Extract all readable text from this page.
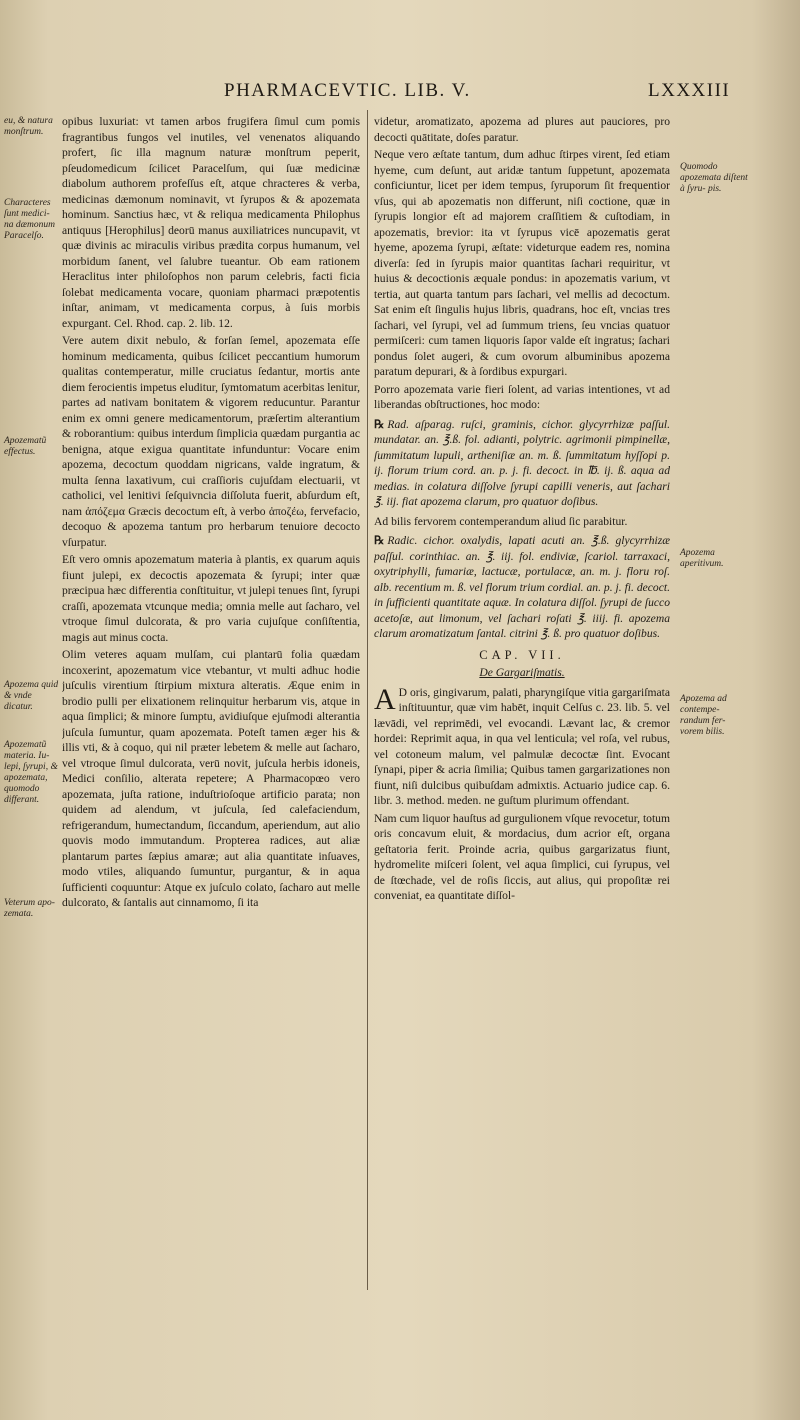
PHARMACEVTIC. LIB. V.	LXXXIII
eu, & natura monſtrum.
Characteres ſunt medici- na dæmonum Paracelſo.
Apozematũ effectus.
Apozema quid & vnde dicatur.
Apozematũ materia. Iu- lepi, ſyrupi, & apozemata, quomodo differant.
Veterum apo- zemata.
Quomodo apozemata diſtent à ſyru- pis.
Apozema aperitivum.
Apozema ad contempe- randum fer- vorem bilis.

opibus luxuriat: vt tamen arbos frugifera ſimul cum pomis fragrantibus fungos vel inutiles, vel venenatos aliquando profert, ſic illa magnum naturæ monſtrum peperit, pſeudomedicum ſcilicet Paracelſum, qui ſuæ medicinæ diabolum authorem profeſſus eſt, atque chracteres & verba, medicinas dæmonum nominavit, vt ſyrupos & & apozemata hominum. Sanctius hæc, vt & reliqua medicamenta Philophus antiquus [Herophilus] deorū manus auxiliatrices nuncupavit, vt quæ divinis ac miraculis viribus prædita corpus humanum, vel morbidum ſanent, vel ſalubre tueantur. Ob eam rationem Heraclitus inter philoſophos non parum celebris, facti ficia ſolebat medicamenta vocare, quoniam pharmaci præpotentis inſtar, animam, vt medicamenta corpus, à ſuis morbis expurgant. Cel. Rhod. cap. 2. lib. 12.

Vere autem dixit nebulo, & forſan ſemel, apozemata eſſe hominum medicamenta, quibus ſcilicet peccantium humorum qualitas contemperatur, mille cruciatus ſedantur, mortis ante diem ferocientis impetus eluditur, ſymtomatum acerbitas lenitur, partes ad nativam bonitatem & vigorem reducuntur. Parantur enim ex omni genere medicamentorum, præſertim alterantium & roborantium: quibus interdum ſimplicia quædam purgantia ac benigna, atque exigua quantitate infunduntur: Vocare enim apozema, decoctum quoddam nigricans, valde ingratum, & multa ſenna laxativum, cui craſſioris cujuſdam electuarii, vt catholici, vel lenitivi ſeſquivncia diſſoluta fuerit, abſurdum eſt, nam ἀπόζεμα Græcis decoctum eſt, à verbo ἀποζέω, fervefacio, decoquo & apozema tantum pro herbarum tenuiore decocto vſurpatur.

Eſt vero omnis apozematum materia à plantis, ex quarum aquis fiunt julepi, ex decoctis apozemata & ſyrupi; inter quæ præcipua hæc differentia conſtituitur, vt julepi tenues ſint, ſyrupi craſſi, apozemata vtcunque media; omnia melle aut ſacharo, vel vtroque ſimul dulcorata, & pro varia cujuſque conſiſtentia, magis aut minus cocta.

Olim veteres aquam mulſam, cui plantarū folia quædam incoxerint, apozematum vice vtebantur, vt multi adhuc hodie juſculis virentium ſtirpium mixtura alteratis. Æque enim in brodio pulli per elixationem relinquitur herbarum vis, atque in aqua ſimplici; & minore ſumptu, avidiuſque ejuſmodi alterantia juſcula ſumuntur, quam apozemata. Poteſt tamen æger his & illis vti, & à coquo, qui nil præter lebetem & melle aut ſacharo, vel vtroque ſimul dulcorata, verū novit, juſcula herbis idoneis, Medici conſilio, alterata repetere; A Pharmacopœo vero apozemata, juſta ratione, induſtrioſoque artificio parata; non quidem ad alendum, vt juſcula, ſed calefaciendum, refrigerandum, humectandum, ſiccandum, aperiendum, aut alio quovis modo immutandum. Propterea radices, aut aliæ plantarum partes ſæpius amaræ; aut alia quantitate inſuaves, modo vtiles, aliquando ſumuntur, purgantur, & in aqua ſufficienti coquuntur: Atque ex juſculo colato, ſacharo aut melle dulcorato, & ſantalis aut cinnamomo, ſi ita

videtur, aromatizato, apozema ad plures aut pauciores, pro decocti quātitate, doſes paratur.

Neque vero æſtate tantum, dum adhuc ſtirpes virent, ſed etiam hyeme, cum deſunt, aut aridæ tantum ſuppetunt, apozemata conficiuntur, licet per idem tempus, ſyruporum ſit frequentior vſus, qui ab apozematis non differunt, niſi coctione, quæ in ſyrupis longior eſt ad majorem craſſitiem & cuſtodiam, in apozematis, brevior: ita vt ſyrupus vicē apozematis gerat hyeme, apozema ſyrupi, æſtate: videturque eadem res, nomina diverſa: ſed in ſyrupis maior quantitas ſachari requiritur, vt huius & decoctionis æquale pondus: in apozematis varium, vt tertia, aut quarta tantum pars ſachari, vel mellis ad decoctum. Sat enim eſt ſingulis hujus libris, quadrans, hoc eſt, vncias tres ſachari, vel ſyrupi, vel ad ſummum triens, ſeu vncias quatuor permiſceri: cum tamen liquoris ſapor valde eſt ingratus; ſachari pondus ſolet augeri, & cum ovorum albuminibus apozema paratum depurari, & à ſordibus expurgari.

Porro apozemata varie fieri ſolent, ad varias intentiones, vt ad liberandas obſtructiones, hoc modo:

℞ Rad. aſparag. ruſci, graminis, cichor. glycyrrhizæ paſſul. mundatar. an. ℥.ß. fol. adianti, polytric. agrimonii pimpinellæ, ſummitatum lupuli, artheniſiæ an. m. ß. ſummitatum hyſſopi p. ij. florum trium cord. an. p. j. fi. decoct. in ℔. ij. ß. aqua ad medias. in colatura diſſolve ſyrupi capilli veneris, aut ſachari ℥. iij. fiat apozema clarum, pro quatuor doſibus.

Ad bilis fervorem contemperandum aliud ſic parabitur.

℞ Radic. cichor. oxalydis, lapati acuti an. ℥.ß. glycyrrhizæ paſſul. corinthiac. an. ℥. iij. fol. endiviæ, ſcariol. tarraxaci, oxytriphylli, fumariæ, lactucæ, portulacæ, an. m. j. floru roſ. alb. recentium m. ß. vel florum trium cordial. an. p. j. fi. decoct. in ſufficienti quantitate aquæ. In colatura diſſol. ſyrupi de ſucco acetoſæ, aut limonum, vel ſachari roſati ℥. iiij. fi. apozema clarum aromatizatum ſantal. citrini ℥. ß. pro quatuor doſibus.
CAP. VII.
De Gargariſmatis.

A D oris, gingivarum, palati, pharyngiſque vitia gargariſmata inſtituuntur, quæ vim habēt, inquit Celſus c. 23. lib. 5. vel lævādi, vel reprimēdi, vel evocandi. Lævant lac, & cremor hordei: Reprimit aqua, in qua vel lenticula; vel roſa, vel rubus, vel cotoneum malum, vel palmulæ decoctæ ſint. Evocant ſynapi, piper & acria ſimilia; Quibus tamen gargarizationes non fiunt, niſi dulcibus quibuſdam admixtis. Actuario judice cap. 6. libr. 3. method. meden. ne guſtum plurimum offendant.

Nam cum liquor hauſtus ad gurgulionem vſque revocetur, totum oris concavum eluit, & mordacius, dum acrior eſt, organa geſtatoria ferit. Proinde acria, quibus gargarizatus fiunt, hydromelite miſceri ſolent, vel aqua ſimplici, cui ſyrupus, vel de ſtœchade, vel de roſis ſiccis, aut alius, qui propoſitæ rei conveniat, ea quantitate diſſol-
